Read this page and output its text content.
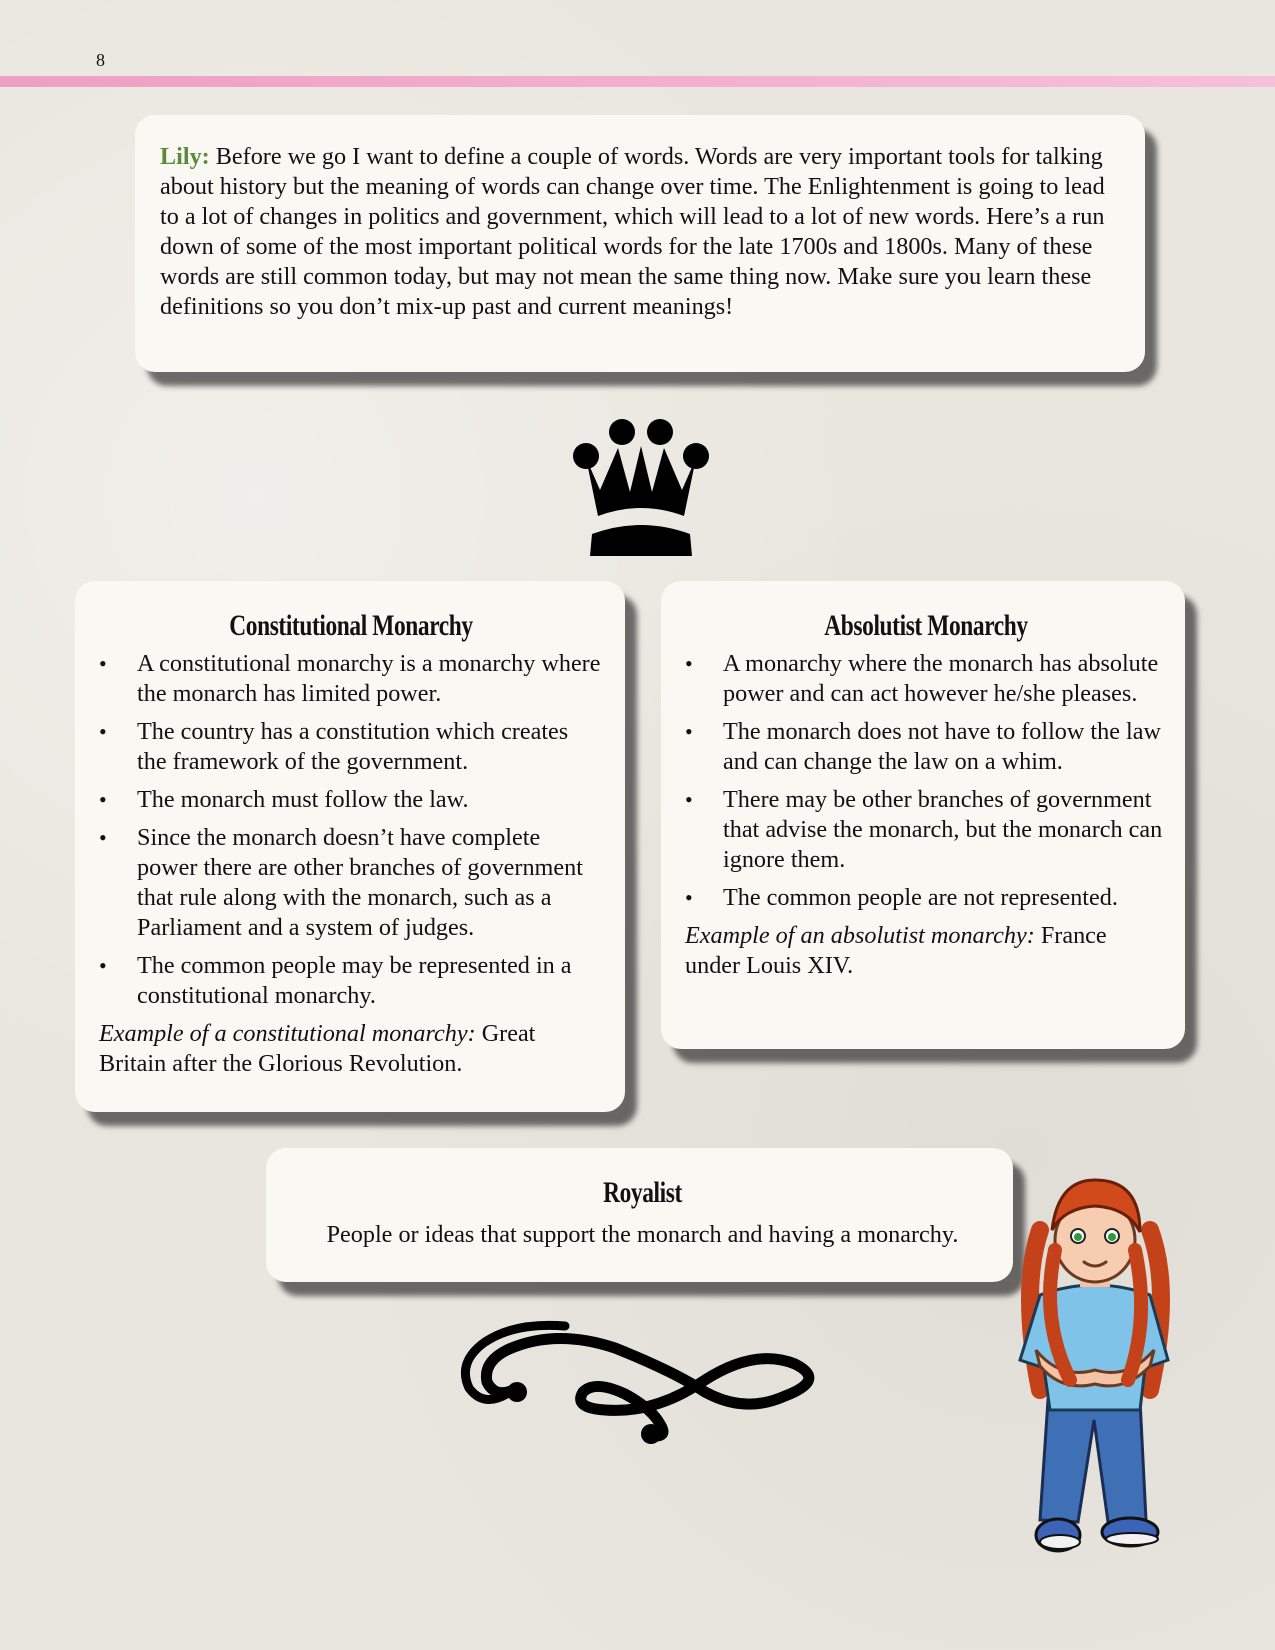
8
Lily: Before we go I want to define a couple of words. Words are very important tools for talking about history but the meaning of words can change over time. The Enlightenment is going to lead to a lot of changes in politics and government, which will lead to a lot of new words. Here’s a run down of some of the most important political words for the late 1700s and 1800s. Many of these words are still common today, but may not mean the same thing now. Make sure you learn these definitions so you don’t mix-up past and current meanings!
Constitutional Monarchy
• A constitutional monarchy is a monarchy where the monarch has limited power.
• The country has a constitution which creates the framework of the government.
• The monarch must follow the law.
• Since the monarch doesn’t have complete power there are other branches of government that rule along with the monarch, such as a Parliament and a system of judges.
• The common people may be represented in a constitutional monarchy.
Example of a constitutional monarchy: Great Britain after the Glorious Revolution.
Absolutist Monarchy
• A monarchy where the monarch has absolute power and can act however he/she pleases.
• The monarch does not have to follow the law and can change the law on a whim.
• There may be other branches of government that advise the monarch, but the monarch can ignore them.
• The common people are not represented.
Example of an absolutist monarchy: France under Louis XIV.
Royalist
People or ideas that support the monarch and having a monarchy.
